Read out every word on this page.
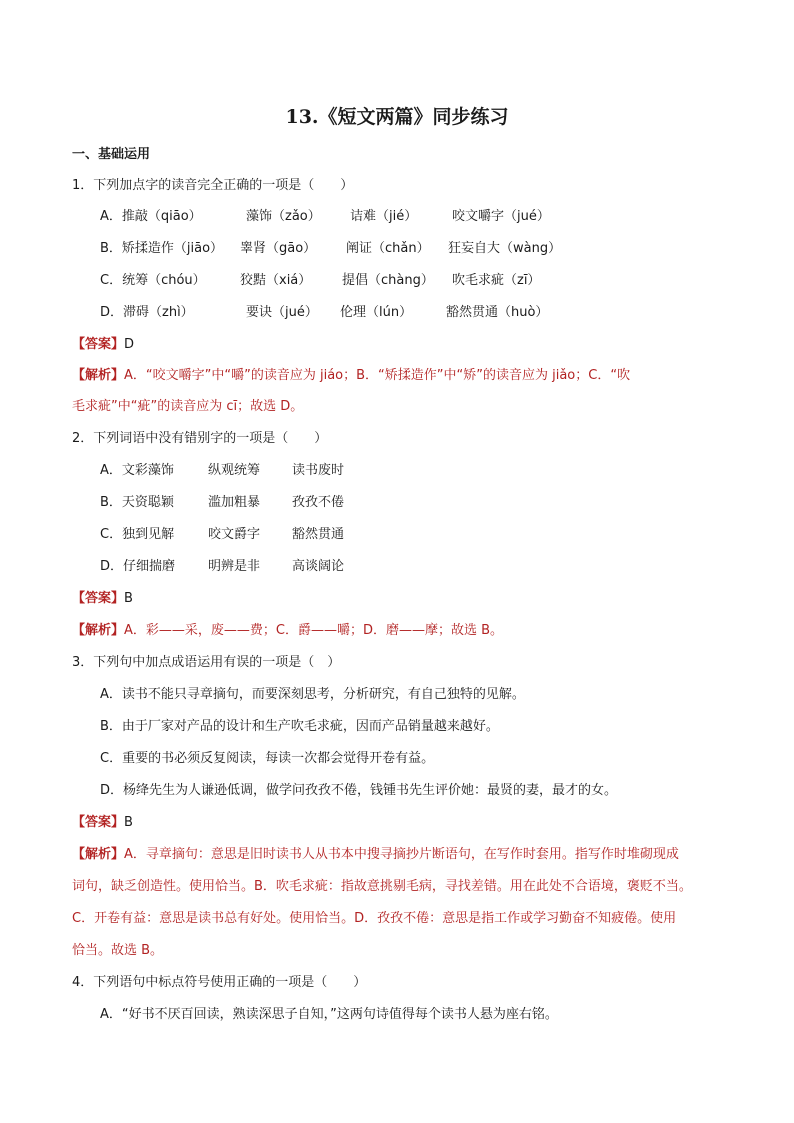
13.《短文两篇》同步练习
一、基础运用
1．下列加点字的读音完全正确的一项是（　　）
A．推敲（qiāo）	藻饰（zǎo） 诘难（jié）	咬文嚼字（jué）
B．矫揉造作（jiāo） 睾肾（gāo） 阐证（chǎn） 狂妄自大（wàng）
C．统筹（chóu）	狡黠（xiá） 提倡（chàng） 吹毛求疵（zī）
D．滞碍（zhì）	要诀（jué） 伦理（lún）	豁然贯通（huò）
【答案】D
【解析】A．“咬文嚼字”中“嚼”的读音应为 jiáo；B．“矫揉造作”中“矫”的读音应为 jiǎo；C．“吹
毛求疵”中“疵”的读音应为 cī；故选 D。
2．下列词语中没有错别字的一项是（　　）
A．文彩藻饰	纵观统筹 读书废时
B．天资聪颖	滥加粗暴 孜孜不倦
C．独到见解	咬文爵字 豁然贯通
D．仔细揣磨	明辨是非 高谈阔论
【答案】B
【解析】A．彩——采，废——费；C．爵——嚼；D．磨——摩；故选 B。
3．下列句中加点成语运用有误的一项是（　）
A．读书不能只寻章摘句，而要深刻思考，分析研究，有自己独特的见解。
B．由于厂家对产品的设计和生产吹毛求疵，因而产品销量越来越好。
C．重要的书必须反复阅读，每读一次都会觉得开卷有益。
D．杨绛先生为人谦逊低调，做学问孜孜不倦，钱锺书先生评价她：最贤的妻，最才的女。
【答案】B
【解析】A．寻章摘句：意思是旧时读书人从书本中搜寻摘抄片断语句，在写作时套用。指写作时堆砌现成
词句，缺乏创造性。使用恰当。B．吹毛求疵：指故意挑剔毛病，寻找差错。用在此处不合语境，褒贬不当。
C．开卷有益：意思是读书总有好处。使用恰当。D．孜孜不倦：意思是指工作或学习勤奋不知疲倦。使用
恰当。故选 B。
4．下列语句中标点符号使用正确的一项是（　　）
A．“好书不厌百回读，熟读深思子自知，”这两句诗值得每个读书人悬为座右铭。
